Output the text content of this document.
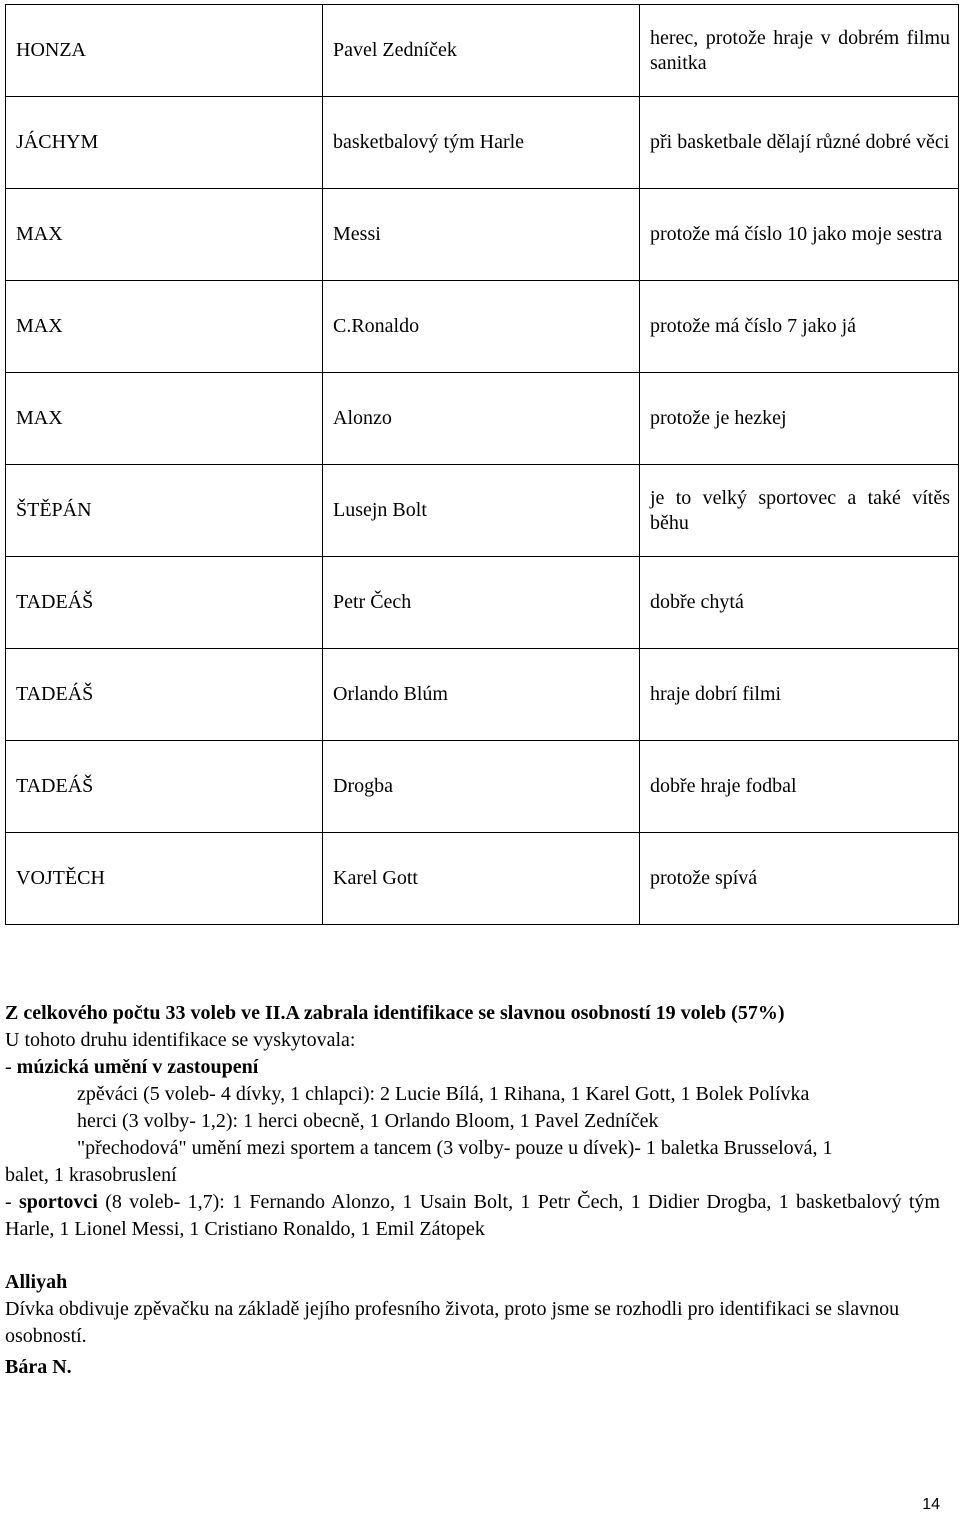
HONZA	Pavel Zedníček	herec, protože hraje v dobrém filmu sanitka
JÁCHYM	basketbalový tým Harle	při basketbale dělají různé dobré věci
MAX	Messi	protože má číslo 10 jako moje sestra
MAX	C.Ronaldo	protože má číslo 7 jako já
MAX	Alonzo	protože je hezkej
ŠTĚPÁN	Lusejn Bolt	je to velký sportovec a také vítěs běhu
TADEÁŠ	Petr Čech	dobře chytá
TADEÁŠ	Orlando Blúm	hraje dobrí filmi
TADEÁŠ	Drogba	dobře hraje fodbal
VOJTĚCH	Karel Gott	protože spívá

Z celkového počtu 33 voleb ve II.A zabrala identifikace se slavnou osobností 19 voleb (57%)

U tohoto druhu identifikace se vyskytovala:

- múzická umění v zastoupení

zpěváci (5 voleb- 4 dívky, 1 chlapci): 2 Lucie Bílá, 1 Rihana, 1 Karel Gott, 1 Bolek Polívka

herci (3 volby- 1,2): 1 herci obecně, 1 Orlando Bloom, 1 Pavel Zedníček

"přechodová" umění mezi sportem a tancem (3 volby- pouze u dívek)- 1 baletka Brusselová, 1

balet, 1 krasobruslení

- sportovci (8 voleb- 1,7): 1 Fernando Alonzo, 1 Usain Bolt, 1 Petr Čech, 1 Didier Drogba, 1 basketbalový tým Harle, 1 Lionel Messi, 1 Cristiano Ronaldo, 1 Emil Zátopek

Alliyah

Dívka obdivuje zpěvačku na základě jejího profesního života, proto jsme se rozhodli pro identifikaci se slavnou osobností.

Bára N.

14
